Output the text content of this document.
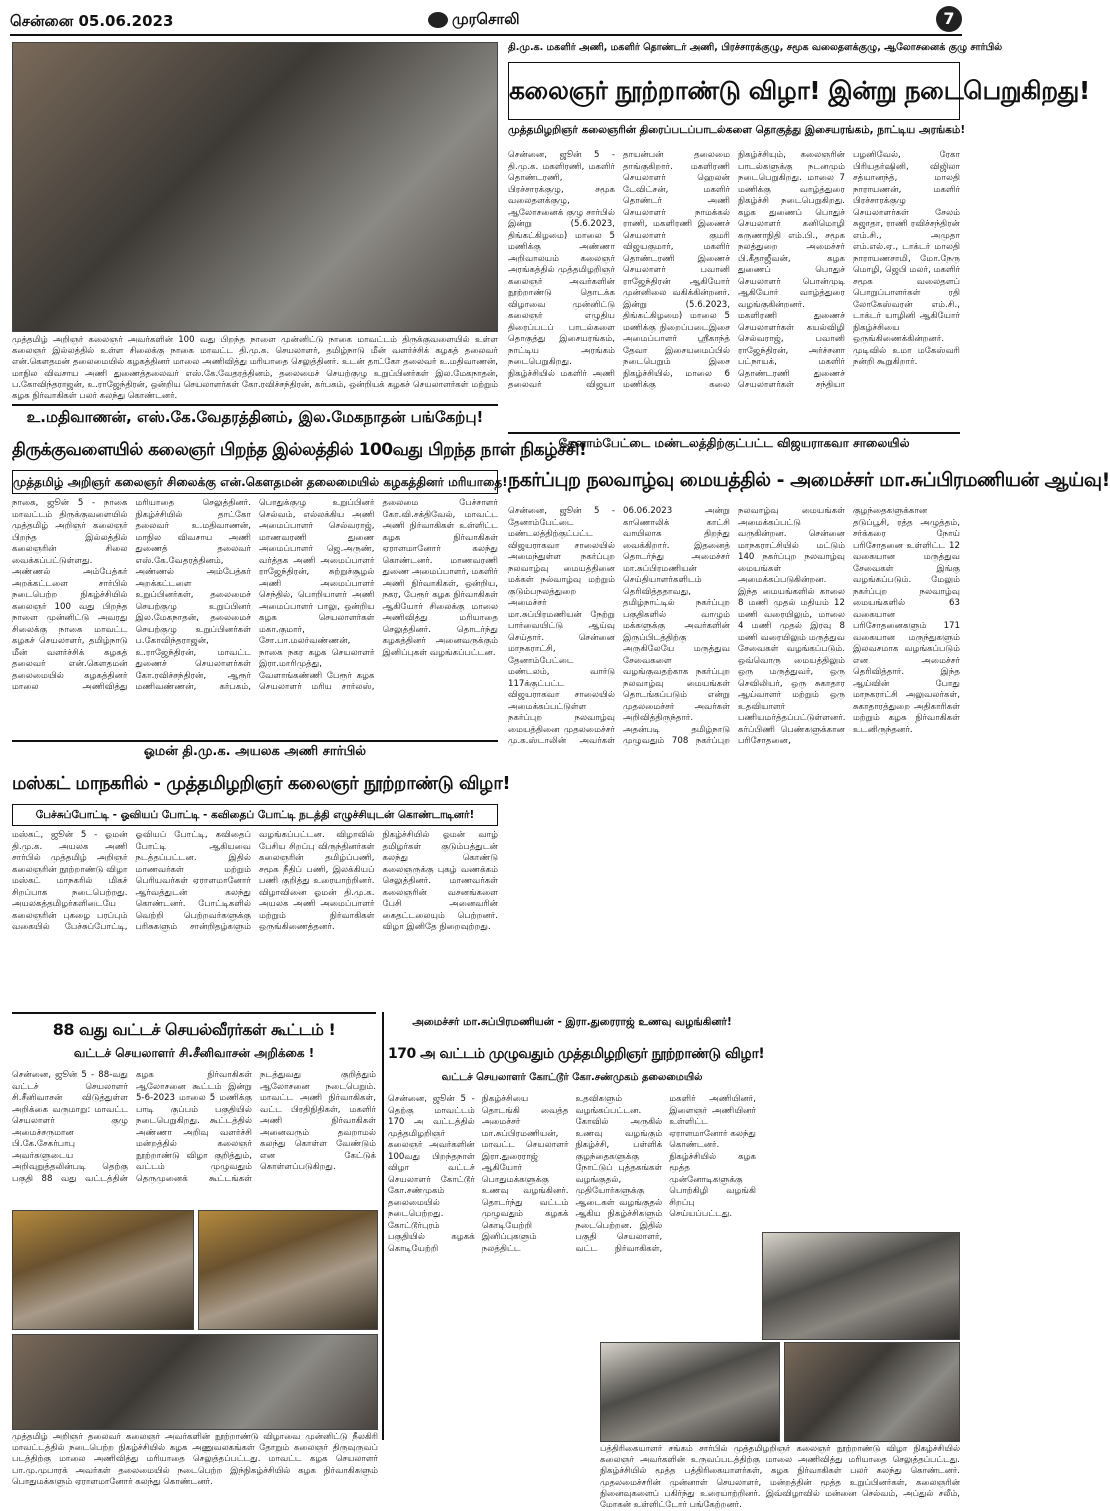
சென்னை 05.06.2023	முரசொலி	7
முத்தமிழ் அறிஞர் கலைஞர் அவர்களின் 100 வது பிறந்த நாளை முன்னிட்டு நாகை மாவட்டம் திருக்குவளையில் உள்ள கலைஞர் இல்லத்தில் உள்ள சிலைக்கு நாகை மாவட்ட தி.மு.க. செயலாளர், தமிழ்நாடு மீன் வளர்ச்சிக் கழகத் தலைவர் என்.கௌதமன் தலைமையில் கழகத்தினர் மாலை அணிவித்து மரியாதை செலுத்தினர். உடன் தாட்கோ தலைவர் உ.மதிவாணன், மாநில விவசாய அணி துணைத்தலைவர் எஸ்.கே.வேதரத்தினம், தலைமைச் செயற்குழு உறுப்பினர்கள் இல.மேகநாதன், ப.கோவிந்தராஜன், உ.ராஜேந்திரன், ஒன்றிய செயலாளர்கள் கோ.ரவிச்சந்திரன், கர்பகம், ஒன்றியக் கழகச் செயலாளர்கள் மற்றும் கழக நிர்வாகிகள் பலர் கலந்து கொண்டனர்.
உ.மதிவாணன், எஸ்.கே.வேதரத்தினம், இல.மேகநாதன் பங்கேற்பு!
திருக்குவளையில் கலைஞர் பிறந்த இல்லத்தில் 100வது பிறந்த நாள் நிகழ்ச்சி!
முத்தமிழ் அறிஞர் கலைஞர் சிலைக்கு என்.கௌதமன் தலைமையில் கழகத்தினர் மரியாதை!
நாகை, ஜூன் 5 - நாகை மாவட்டம் திருக்குவளையில் முத்தமிழ் அறிஞர் கலைஞர் பிறந்த இல்லத்தில் கலைஞரின் சிலை வைக்கப்பட்டுள்ளது. அண்ணல் அம்பேத்கர் அறக்கட்டளை சார்பில் நடைபெற்ற நிகழ்ச்சியில் கலைஞர் 100 வது பிறந்த நாளை முன்னிட்டு அவரது சிலைக்கு நாகை மாவட்ட கழகச் செயலாளர், தமிழ்நாடு மீன் வளர்ச்சிக் கழகத் தலைவர் என்.கௌதமன் தலைமையில் கழகத்தினர் மாலை அணிவித்து மரியாதை செலுத்தினர். நிகழ்ச்சியில் தாட்கோ தலைவர் உ.மதிவாணன், மாநில விவசாய அணி துணைத் தலைவர் எஸ்.கே.வேதரத்தினம், அண்ணல் அம்பேத்கர் அறக்கட்டளை உறுப்பினர்கள், தலைமைச் செயற்குழு உறுப்பினர் இல.மேகநாதன், தலைமைச் செயற்குழு உறுப்பினர்கள் ப.கோவிந்தராஜன், உ.ராஜேந்திரன், மாவட்ட துணைச் செயலாளர்கள் கோ.ரவிச்சந்திரன், ஆரூர் மணிவண்ணன், கர்பகம், பொதுக்குழு உறுப்பினர் செல்வம், எல்லக்கிய அணி அமைப்பாளர் செல்வராஜ், மாணவரணி துணை அமைப்பாளர் ஜெ.அருண், வர்த்தக அணி அமைப்பாளர் ராஜேந்திரன், சுற்றுச்சூழல் அணி அமைப்பாளர் செந்தில், பொறியாளர் அணி அமைப்பாளர் பாலு, ஒன்றிய கழக செயலாளர்கள் மகா.குமார், சோ.பா.மலர்வண்ணன், நாகை நகர கழக செயலாளர் இரா.மாரிமுத்து, வேளாங்கண்ணி பேரூர் கழக செயலாளர் மரிய சார்லஸ், தலைமை பேச்சாளர் கோ.வி.சக்திவேல், மாவட்ட அணி நிர்வாகிகள் உள்ளிட்ட கழக நிர்வாகிகள் ஏராளமானோர் கலந்து கொண்டனர். மாணவரணி துணை அமைப்பாளர், மகளிர் அணி நிர்வாகிகள், ஒன்றிய, நகர, பேரூர் கழக நிர்வாகிகள் ஆகியோர் சிலைக்கு மாலை அணிவித்து மரியாதை செலுத்தினர். தொடர்ந்து கழகத்தினர் அனைவருக்கும் இனிப்புகள் வழங்கப்பட்டன.
தி.மு.க. மகளிர் அணி, மகளிர் தொண்டர் அணி, பிரச்சாரக்குழு, சமூக வலைதளக்குழு, ஆலோசனைக் குழு சார்பில்
கலைஞர் நூற்றாண்டு விழா! இன்று நடைபெறுகிறது!
முத்தமிழறிஞர் கலைஞரின் திரைப்படப்பாடல்களை தொகுத்து இசையரங்கம், நாட்டிய அரங்கம்!
சென்னை, ஜூன் 5 - தி.மு.க. மகளிரணி, மகளிர் தொண்டரணி, பிரச்சாரக்குழு, சமூக வலைதளக்குழு, ஆலோசனைக் குழு சார்பில் இன்று (5.6.2023, திங்கட்கிழமை) மாலை 5 மணிக்கு அண்ணா அறிவாலயம் கலைஞர் அரங்கத்தில் முத்தமிழறிஞர் கலைஞர் அவர்களின் நூற்றாண்டு தொடக்க விழாவை முன்னிட்டு கலைஞர் எழுதிய திரைப்படப் பாடல்களை தொகுத்து இசையரங்கம், நாட்டிய அரங்கம் நடைபெறுகிறது. நிகழ்ச்சியில் மகளிர் அணி தலைவர் விஜயா தாயன்பன் தலைமை தாங்குகிறார். மகளிரணி செயலாளர் ஹெலன் டேவிட்சன், மகளிர் தொண்டர் அணி செயலாளர் நாமக்கல் ராணி, மகளிரணி இணைச் செயலாளர் குமரி விஜயகுமார், மகளிர் தொண்டரணி இணைச் செயலாளர் பவானி ராஜேந்திரன் ஆகியோர் முன்னிலை வகிக்கின்றனர். இன்று (5.6.2023, திங்கட்கிழமை) மாலை 5 மணிக்கு நிறைப்படைஇசை அமைப்பாளர் ஸ்ரீகாந்த் தேவா இசையமைப்பில் நடைபெறும் இசை நிகழ்ச்சியில், மாலை 6 மணிக்கு கலை நிகழ்ச்சியும், கலைஞரின் பாடல்களுக்கு நடனமும் நடைபெறுகிறது. மாலை 7 மணிக்கு வாழ்த்துரை நிகழ்ச்சி நடைபெறுகிறது. கழக துணைப் பொதுச் செயலாளர் கனிமொழி கருணாநிதி எம்.பி., சமூக நலத்துறை அமைச்சர் பி.கீதாஜீவன், கழக துணைப் பொதுச் செயலாளர் பொன்முடி ஆகியோர் வாழ்த்துரை வழங்குகின்றனர். மகளிரணி துணைச் செயலாளர்கள் கயல்விழி செல்வராஜ், பவானி ராஜேந்திரன், அர்ச்சனா பட்நாயக், மகளிர் தொண்டரணி துணைச் செயலாளர்கள் சந்தியா பழனிவேல், ரேகா பிரியதர்ஷினி, விஜிலா சத்யானந்த், மாலதி நாராயணன், மகளிர் பிரச்சாரக்குழு செயலாளர்கள் சேலம் சுஜாதா, ராணி ரவிச்சந்திரன் எம்.சி., அமுதா எம்.எல்.ஏ., டாக்டர் மாலதி நாராயணசாமி, மோ.நேரு மொழி, ஜெபி மலர், மகளிர் சமூக வலைதளப் பொறுப்பாளர்கள் ரதி லோகேஸ்வரன் எம்.சி., டாக்டர் யாழினி ஆகியோர் நிகழ்ச்சியை ஒருங்கிணைக்கின்றனர். முடிவில் உமா மகேஸ்வரி நன்றி கூறுகிறார்.
தேனாம்பேட்டை மண்டலத்திற்குட்பட்ட விஜயராகவா சாலையில்
நகர்ப்புற நலவாழ்வு மையத்தில் - அமைச்சர் மா.சுப்பிரமணியன் ஆய்வு!
சென்னை, ஜூன் 5 - தேனாம்பேட்டை மண்டலத்திற்குட்பட்ட விஜயராகவா சாலையில் அமைந்துள்ள நகர்ப்புற நலவாழ்வு மையத்தினை மக்கள் நல்வாழ்வு மற்றும் குடும்பநலத்துறை அமைச்சர் மா.சுப்பிரமணியன் நேற்று பார்வையிட்டு ஆய்வு செய்தார். சென்னை மாநகராட்சி, தேனாம்பேட்டை மண்டலம், வார்டு 117க்குட்பட்ட விஜயராகவா சாலையில் அமைக்கப்பட்டுள்ள நகர்ப்புற நலவாழ்வு மையத்தினை முதலமைச்சர் மு.க.ஸ்டாலின் அவர்கள் 06.06.2023 அன்று காணொலிக் காட்சி வாயிலாக திறந்து வைக்கிறார். இதனைத் தொடர்ந்து அமைச்சர் மா.சுப்பிரமணியன் செய்தியாளர்களிடம் தெரிவித்ததாவது, தமிழ்நாட்டில் நகர்ப்புற பகுதிகளில் வாழும் மக்களுக்கு அவர்களின் இருப்பிடத்திற்கு அருகிலேயே மருத்துவ சேவைகளை வழங்குவதற்காக நகர்ப்புற நலவாழ்வு மையங்கள் தொடங்கப்படும் என்று முதலமைச்சர் அவர்கள் அறிவித்திருந்தார். அதன்படி தமிழ்நாடு முழுவதும் 708 நகர்ப்புற நலவாழ்வு மையங்கள் அமைக்கப்பட்டு வருகின்றன. சென்னை மாநகராட்சியில் மட்டும் 140 நகர்ப்புற நலவாழ்வு மையங்கள் அமைக்கப்படுகின்றன. இந்த மையங்களில் காலை 8 மணி முதல் மதியம் 12 மணி வரையிலும், மாலை 4 மணி முதல் இரவு 8 மணி வரையிலும் மருத்துவ சேவைகள் வழங்கப்படும். ஒவ்வொரு மையத்திலும் ஒரு மருத்துவர், ஒரு செவிலியர், ஒரு சுகாதார ஆய்வாளர் மற்றும் ஒரு உதவியாளர் பணியமர்த்தப்பட்டுள்ளனர். கர்ப்பிணி பெண்களுக்கான பரிசோதனை, குழந்தைகளுக்கான தடுப்பூசி, ரத்த அழுத்தம், சர்க்கரை நோய் பரிசோதனை உள்ளிட்ட 12 வகையான மருத்துவ சேவைகள் இங்கு வழங்கப்படும். மேலும் நகர்ப்புற நலவாழ்வு மையங்களில் 63 வகையான பரிசோதனைகளும் 171 வகையான மருந்துகளும் இலவசமாக வழங்கப்படும் என அமைச்சர் தெரிவித்தார். இந்த ஆய்வின் போது மாநகராட்சி அலுவலர்கள், சுகாதாரத்துறை அதிகாரிகள் மற்றும் கழக நிர்வாகிகள் உடனிருந்தனர்.
ஓமன் தி.மு.க. அயலக அணி சார்பில்
மஸ்கட் மாநகரில் - முத்தமிழறிஞர் கலைஞர் நூற்றாண்டு விழா!
பேச்சுப்போட்டி - ஓவியப் போட்டி - கவிதைப் போட்டி நடத்தி எழுச்சியுடன் கொண்டாடினர்!
மஸ்கட், ஜூன் 5 - ஓமன் தி.மு.க. அயலக அணி சார்பில் முத்தமிழ் அறிஞர் கலைஞரின் நூற்றாண்டு விழா மஸ்கட் மாநகரில் மிகச் சிறப்பாக நடைபெற்றது. அயலகத்தமிழர்களிடையே கலைஞரின் புகழை பரப்பும் வகையில் பேச்சுப்போட்டி, ஓவியப் போட்டி, கவிதைப் போட்டி ஆகியவை நடத்தப்பட்டன. இதில் மாணவர்கள் மற்றும் பெரியவர்கள் ஏராளமானோர் ஆர்வத்துடன் கலந்து கொண்டனர். போட்டிகளில் வெற்றி பெற்றவர்களுக்கு பரிசுகளும் சான்றிதழ்களும் வழங்கப்பட்டன. விழாவில் பேசிய சிறப்பு விருந்தினர்கள் கலைஞரின் தமிழ்ப்பணி, சமூக நீதிப் பணி, இலக்கியப் பணி குறித்து உரையாற்றினர். விழாவினை ஓமன் தி.மு.க. அயலக அணி அமைப்பாளர் மற்றும் நிர்வாகிகள் ஒருங்கிணைத்தனர். நிகழ்ச்சியில் ஓமன் வாழ் தமிழர்கள் குடும்பத்துடன் கலந்து கொண்டு கலைஞருக்கு புகழ் வணக்கம் செலுத்தினர். மாணவர்கள் கலைஞரின் வசனங்களை பேசி அனைவரின் கைதட்டலையும் பெற்றனர். விழா இனிதே நிறைவுற்றது.
88 வது வட்டச் செயல்வீரர்கள் கூட்டம் !
வட்டச் செயலாளர் சி.சீனிவாசன் அறிக்கை !
சென்னை, ஜூன் 5 - 88-வது வட்டச் செயலாளர் சி.சீனிவாசன் விடுத்துள்ள அறிக்கை வருமாறு: மாவட்ட செயலாளர் குழு அமைச்சருமான பி.கே.சேகர்பாபு அவர்களுடைய அறிவுறுத்தலின்படி தெற்கு பகுதி 88 வது வட்டத்தின் கழக நிர்வாகிகள் ஆலோசனை கூட்டம் இன்று 5-6-2023 மாலை 5 மணிக்கு பாடி குப்பம் பகுதியில் நடைபெறுகிறது. கூட்டத்தில் அண்ணா அறிவு வளர்ச்சி மன்றத்தில் கலைஞர் நூற்றாண்டு விழா குறித்தும், வட்டம் முழுவதும் தெருமுனைக் கூட்டங்கள் நடத்துவது குறித்தும் ஆலோசனை நடைபெறும். மாவட்ட அணி நிர்வாகிகள், வட்ட பிரதிநிதிகள், மகளிர் அணி நிர்வாகிகள் அனைவரும் தவறாமல் கலந்து கொள்ள வேண்டும் என கேட்டுக் கொள்ளப்படுகிறது.
அமைச்சர் மா.சுப்பிரமணியன் - இரா.துரைராஜ் உணவு வழங்கினர்!
170 அ வட்டம் முழுவதும் முத்தமிழறிஞர் நூற்றாண்டு விழா!
வட்டச் செயலாளர் கோட்டூர் கோ.சண்முகம் தலைமையில்
சென்னை, ஜூன் 5 - தெற்கு மாவட்டம் 170 அ வட்டத்தில் முத்தமிழறிஞர் கலைஞர் அவர்களின் 100வது பிறந்தநாள் விழா வட்டச் செயலாளர் கோட்டூர் கோ.சண்முகம் தலைமையில் நடைபெற்றது. கோட்டூர்புரம் பகுதியில் கழகக் கொடியேற்றி நிகழ்ச்சியை தொடங்கி வைத்த அமைச்சர் மா.சுப்பிரமணியன், மாவட்ட செயலாளர் இரா.துரைராஜ் ஆகியோர் பொதுமக்களுக்கு உணவு வழங்கினர். தொடர்ந்து வட்டம் முழுவதும் கழகக் கொடியேற்றி இனிப்புகளும் நலத்திட்ட உதவிகளும் வழங்கப்பட்டன. கோவில் அருகில் உணவு வழங்கும் நிகழ்ச்சி, பள்ளிக் குழந்தைகளுக்கு நோட்டுப் புத்தகங்கள் வழங்குதல், முதியோர்களுக்கு ஆடைகள் வழங்குதல் ஆகிய நிகழ்ச்சிகளும் நடைபெற்றன. இதில் பகுதி செயலாளர், வட்ட நிர்வாகிகள், மகளிர் அணியினர், இளைஞர் அணியினர் உள்ளிட்ட ஏராளமானோர் கலந்து கொண்டனர். நிகழ்ச்சியில் கழக மூத்த முன்னோடிகளுக்கு பொற்கிழி வழங்கி சிறப்பு செய்யப்பட்டது.
முத்தமிழ் அறிஞர் தலைவர் கலைஞர் அவர்களின் நூற்றாண்டு விழாவை முன்னிட்டு நீலகிரி மாவட்டத்தில் நடைபெற்ற நிகழ்ச்சியில் கழக அணுவலகங்கள் தோறும் கலைஞர் திருவுருவப் படத்திற்கு மாலை அணிவித்து மரியாதை செலுத்தப்பட்டது. மாவட்ட கழக செயலாளர் பா.மு.முபாரக் அவர்கள் தலைமையில் நடைபெற்ற இந்நிகழ்ச்சியில் கழக நிர்வாகிகளும் பொதுமக்களும் ஏராளமானோர் கலந்து கொண்டனர்.
பத்திரிகையாளர் சங்கம் சார்பில் முத்தமிழறிஞர் கலைஞர் நூற்றாண்டு விழா நிகழ்ச்சியில் கலைஞர் அவர்களின் உருவப்படத்திற்கு மாலை அணிவித்து மரியாதை செலுத்தப்பட்டது. நிகழ்ச்சியில் மூத்த பத்திரிகையாளர்கள், கழக நிர்வாகிகள் பலர் கலந்து கொண்டனர். முதலமைச்சரின் முன்னாள் செயலாளர், மன்றத்தின் மூத்த உறுப்பினர்கள், கலைஞரின் நினைவுகளைப் பகிர்ந்து உரையாற்றினர். இவ்விழாவில் மன்னை செல்வம், அப்துல் சலீம், மோகன் உள்ளிட்டோர் பங்கேற்றனர்.
